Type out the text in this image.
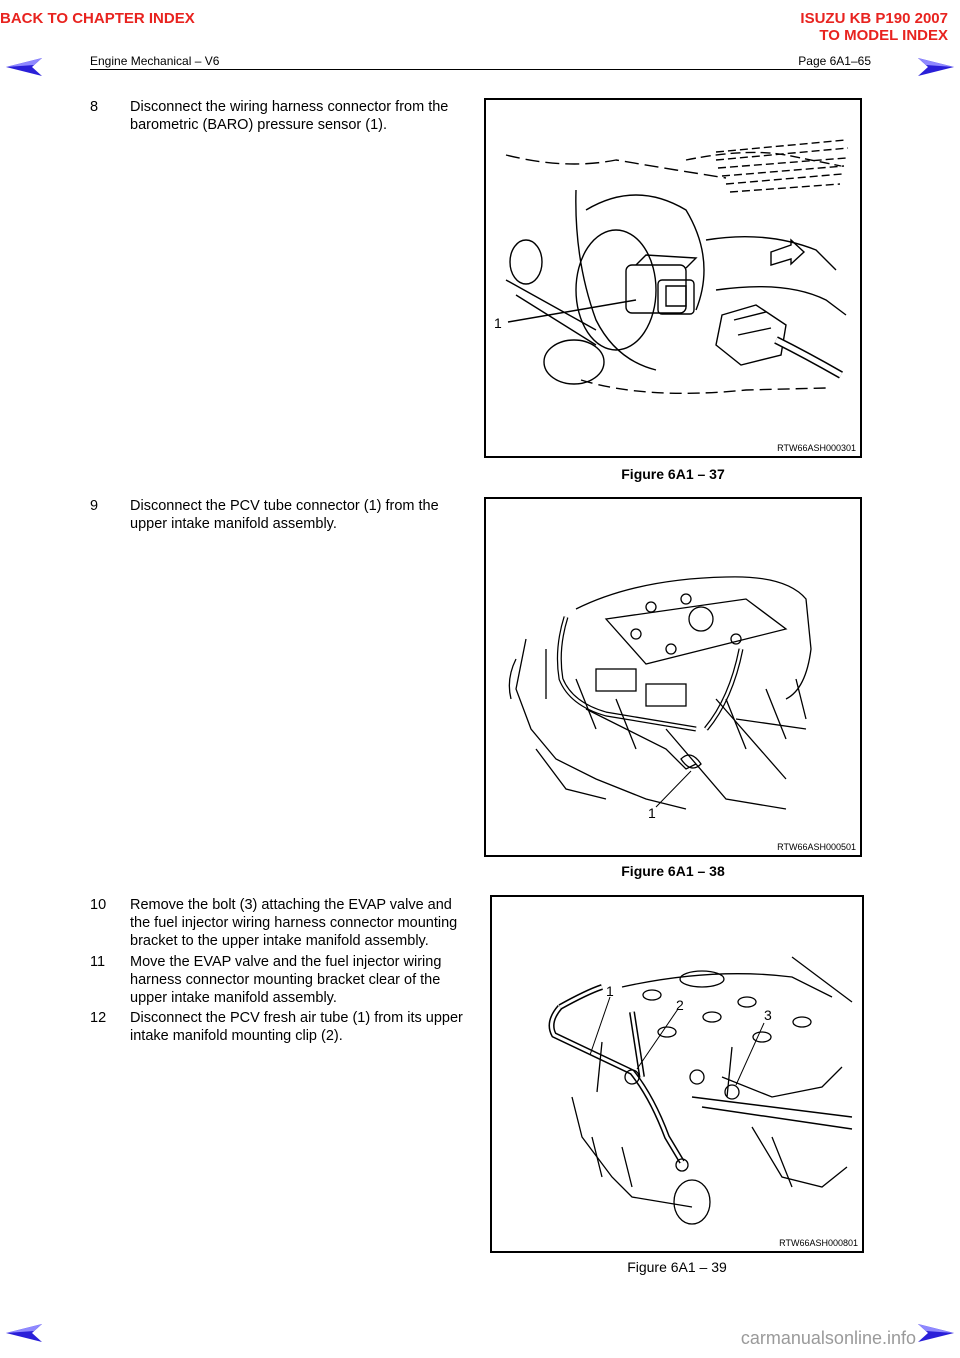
BACK TO CHAPTER INDEX	ISUZU KB P190 2007
TO MODEL INDEX
Engine Mechanical – V6	Page 6A1–65
8 Disconnect the wiring harness connector from the barometric (BARO) pressure sensor (1).
1
RTW66ASH000301
Figure 6A1 – 37
9 Disconnect the PCV tube connector (1) from the upper intake manifold assembly.
1
RTW66ASH000501
Figure 6A1 – 38
10 Remove the bolt (3) attaching the EVAP valve and the fuel injector wiring harness connector mounting bracket to the upper intake manifold assembly.
11 Move the EVAP valve and the fuel injector wiring harness connector mounting bracket clear of the upper intake manifold assembly.
12 Disconnect the PCV fresh air tube (1) from its upper intake manifold mounting clip (2).
1
2
3
RTW66ASH000801
Figure 6A1 – 39
carmanualsonline.info
